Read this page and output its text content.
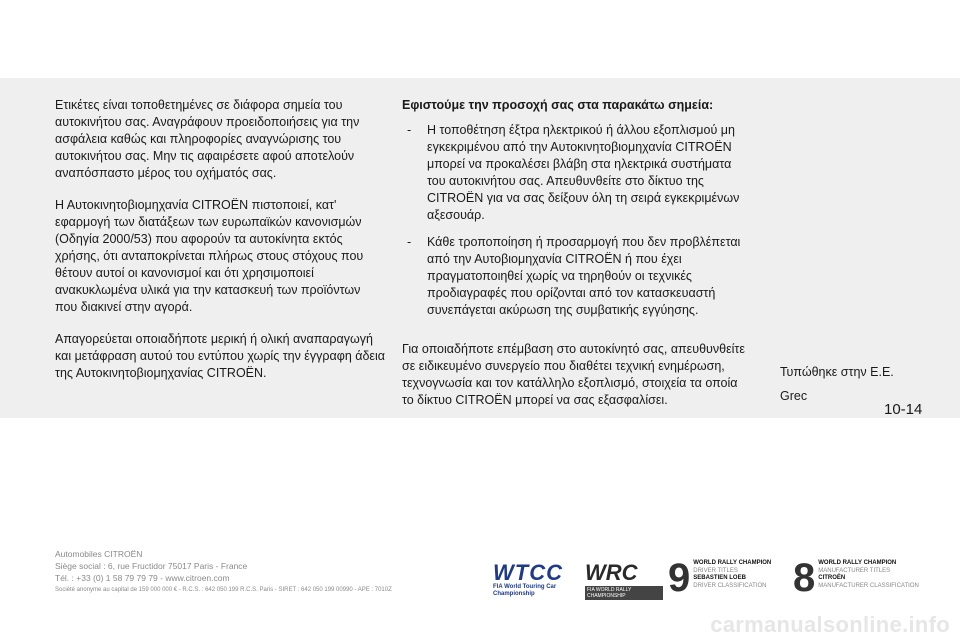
Ετικέτες είναι τοποθετημένες σε διάφορα σημεία του αυτοκινήτου σας. Αναγράφουν προειδοποιήσεις για την ασφάλεια καθώς και πληροφορίες αναγνώρισης του αυτοκινήτου σας. Μην τις αφαιρέσετε αφού αποτελούν αναπόσπαστο μέρος του οχήματός σας.

Η Αυτοκινητοβιομηχανία CITROËN πιστοποιεί, κατ' εφαρμογή των διατάξεων των ευρωπαϊκών κανονισμών (Οδηγία 2000/53) που αφορούν τα αυτοκίνητα εκτός χρήσης, ότι ανταποκρίνεται πλήρως στους στόχους που θέτουν αυτοί οι κανονισμοί και ότι χρησιμοποιεί ανακυκλωμένα υλικά για την κατασκευή των προϊόντων που διακινεί στην αγορά.

Απαγορεύεται οποιαδήποτε μερική ή ολική αναπαραγωγή και μετάφραση αυτού του εντύπου χωρίς την έγγραφη άδεια της Αυτοκινητοβιομηχανίας CITROËN.

Εφιστούμε την προσοχή σας στα παρακάτω σημεία:

- Η τοποθέτηση έξτρα ηλεκτρικού ή άλλου εξοπλισμού μη εγκεκριμένου από την Αυτοκινητοβιομηχανία CITROËN μπορεί να προκαλέσει βλάβη στα ηλεκτρικά συστήματα του αυτοκινήτου σας. Απευθυνθείτε στο δίκτυο της CITROËN για να σας δείξουν όλη τη σειρά εγκεκριμένων αξεσουάρ.
- Κάθε τροποποίηση ή προσαρμογή που δεν προβλέπεται από την Αυτοβιομηχανία CITROËN ή που έχει πραγματοποιηθεί χωρίς να τηρηθούν οι τεχνικές προδιαγραφές που ορίζονται από τον κατασκευαστή συνεπάγεται ακύρωση της συμβατικής εγγύησης.

Για οποιαδήποτε επέμβαση στο αυτοκίνητό σας, απευθυνθείτε σε ειδικευμένο συνεργείο που διαθέτει τεχνική ενημέρωση, τεχνογνωσία και τον κατάλληλο εξοπλισμό, στοιχεία τα οποία το δίκτυο CITROËN μπορεί να σας εξασφαλίσει.

Τυπώθηκε στην Ε.Ε.
Grec
10-14
Automobiles CITROËN
Siège social : 6, rue Fructidor 75017 Paris - France
Tél. : +33 (0) 1 58 79 79 79 - www.citroen.com
Société anonyme au capital de 159 000 000 € - R.C.S. : 642 050 199 R.C.S. Paris - SIRET : 642 050 199 00990 - APE : 7010Z
WTCC
FIA World Touring Car
Championship
WRC
FIA WORLD RALLY CHAMPIONSHIP	9 WORLD RALLY CHAMPION
DRIVER TITLES
SEBASTIEN LOEB
DRIVER CLASSIFICATION 8 WORLD RALLY CHAMPION
MANUFACTURER TITLES
CITROËN
MANUFACTURER CLASSIFICATION
carmanualsonline.info
